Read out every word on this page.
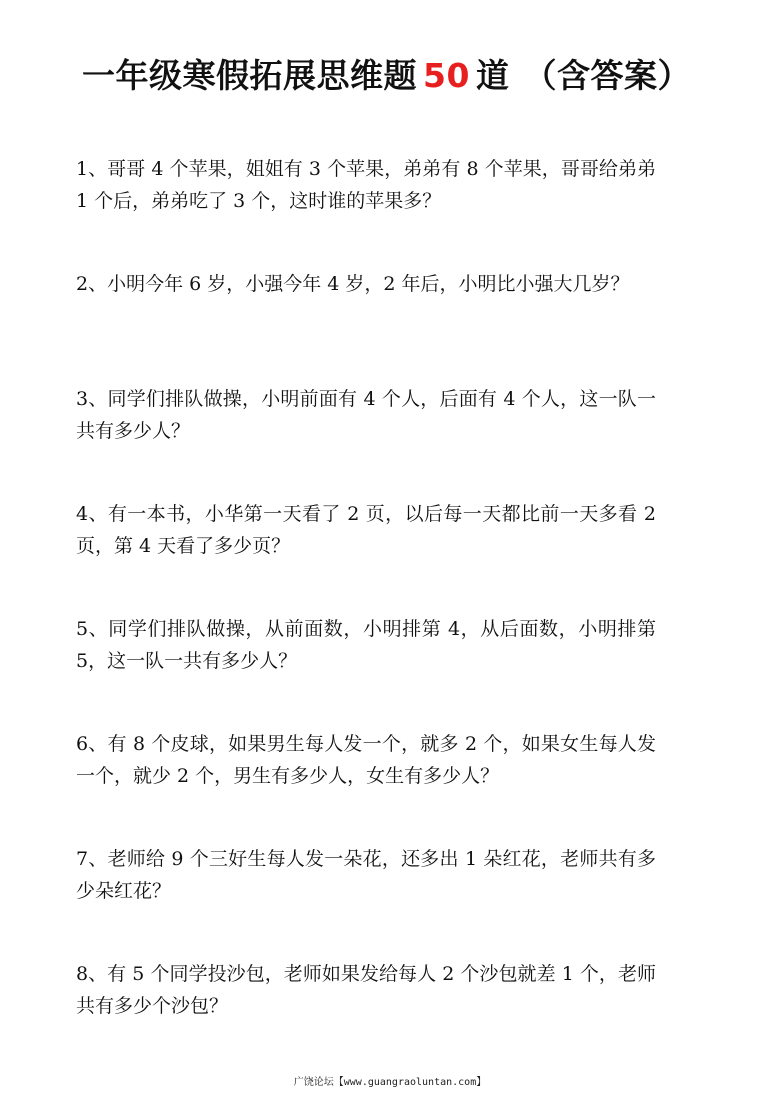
一年级寒假拓展思维题 50 道 （含答案）
1、哥哥 4 个苹果，姐姐有 3 个苹果，弟弟有 8 个苹果，哥哥给弟弟 1 个后，弟弟吃了 3 个，这时谁的苹果多？
2、小明今年 6 岁，小强今年 4 岁，2 年后，小明比小强大几岁？
3、同学们排队做操，小明前面有 4 个人，后面有 4 个人，这一队一共有多少人？
4、有一本书，小华第一天看了 2 页，以后每一天都比前一天多看 2 页，第 4 天看了多少页？
5、同学们排队做操，从前面数，小明排第 4，从后面数，小明排第 5，这一队一共有多少人？
6、有 8 个皮球，如果男生每人发一个，就多 2 个，如果女生每人发一个，就少 2 个，男生有多少人，女生有多少人？
7、老师给 9 个三好生每人发一朵花，还多出 1 朵红花，老师共有多少朵红花？
8、有 5 个同学投沙包，老师如果发给每人 2 个沙包就差 1 个，老师共有多少个沙包？
广饶论坛【www.guangraoluntan.com】
